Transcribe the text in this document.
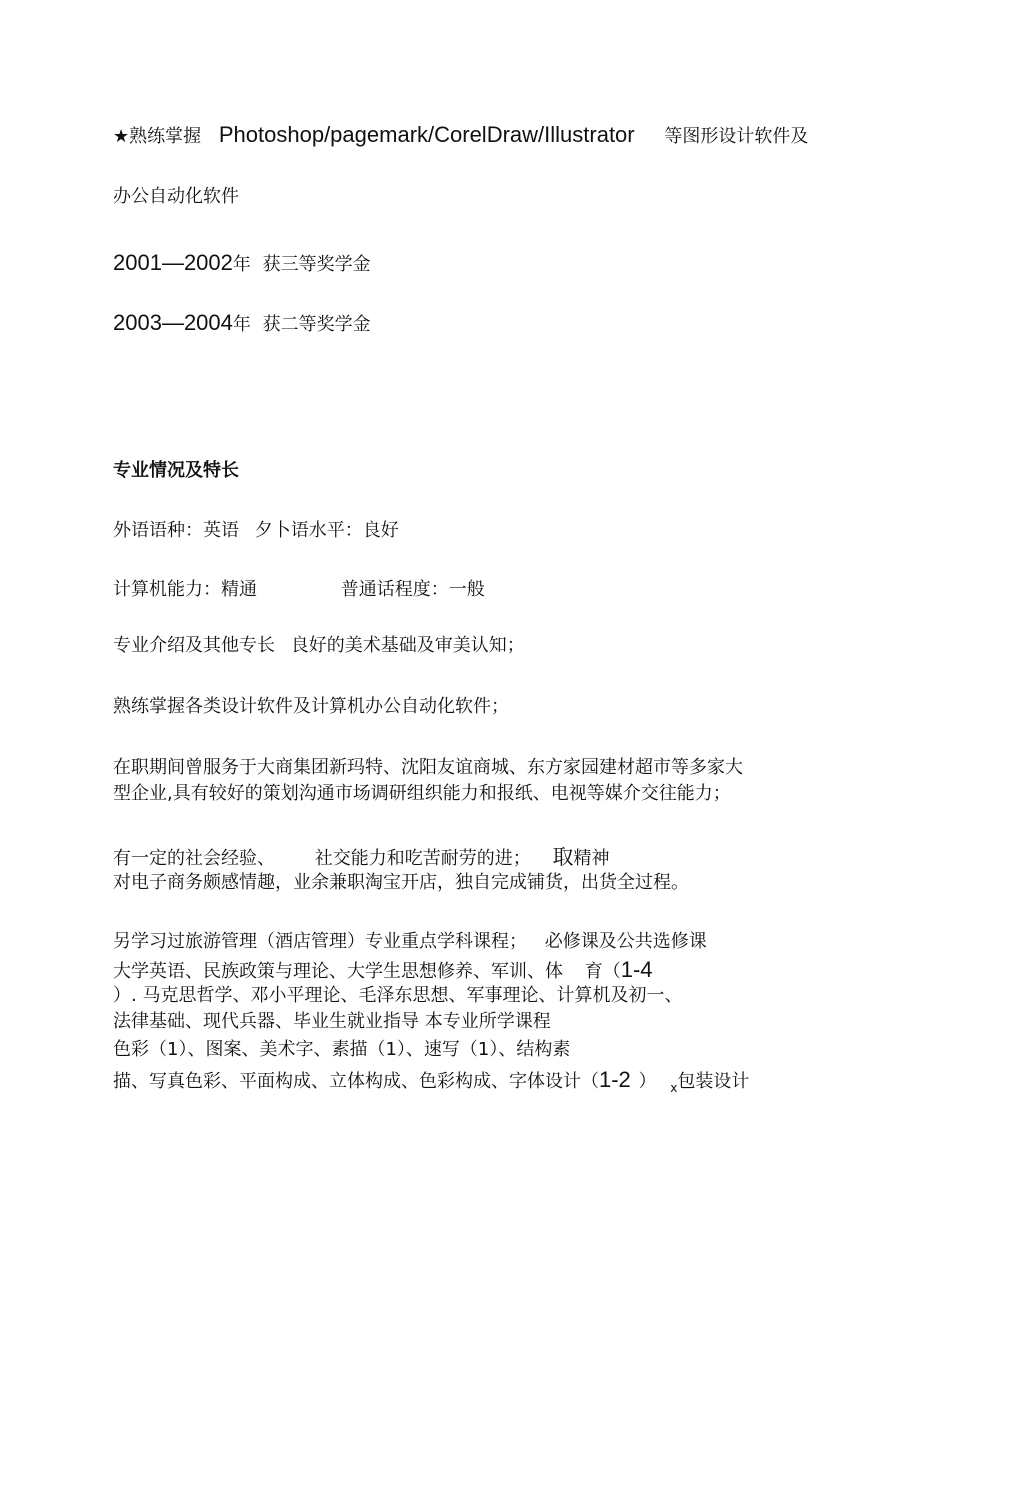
★熟练掌握 Photoshop/pagemark/CorelDraw/Illustrator 等图形设计软件及
办公自动化软件
2001—2002年 获三等奖学金
2003—2004年 获二等奖学金
专业情况及特长
外语语种：英语 夕卜语水平：良好
计算机能力：精通	普通话程度：一般
专业介绍及其他专长 良好的美术基础及审美认知；
熟练掌握各类设计软件及计算机办公自动化软件；
在职期间曾服务于大商集团新玛特、沈阳友谊商城、东方家园建材超市等多家大
型企业,具有较好的策划沟通市场调研组织能力和报纸、电视等媒介交往能力；
有一定的社会经验、 社交能力和吃苦耐劳的进； 取精神
对电子商务颇感情趣，业余兼职淘宝开店，独自完成铺货，出货全过程。
另学习过旅游管理（酒店管理）专业重点学科课程； 必修课及公共选修课
大学英语、民族政策与理论、大学生思想修养、军训、体 育（1-4
）. 马克思哲学、邓小平理论、毛泽东思想、军事理论、计算机及初一、
法律基础、现代兵器、毕业生就业指导 本专业所学课程
色彩（1）、图案、美术字、素描（1）、速写（1）、结构素
描、写真色彩、平面构成、立体构成、色彩构成、字体设计（1-2 ） $_x$包装设计
